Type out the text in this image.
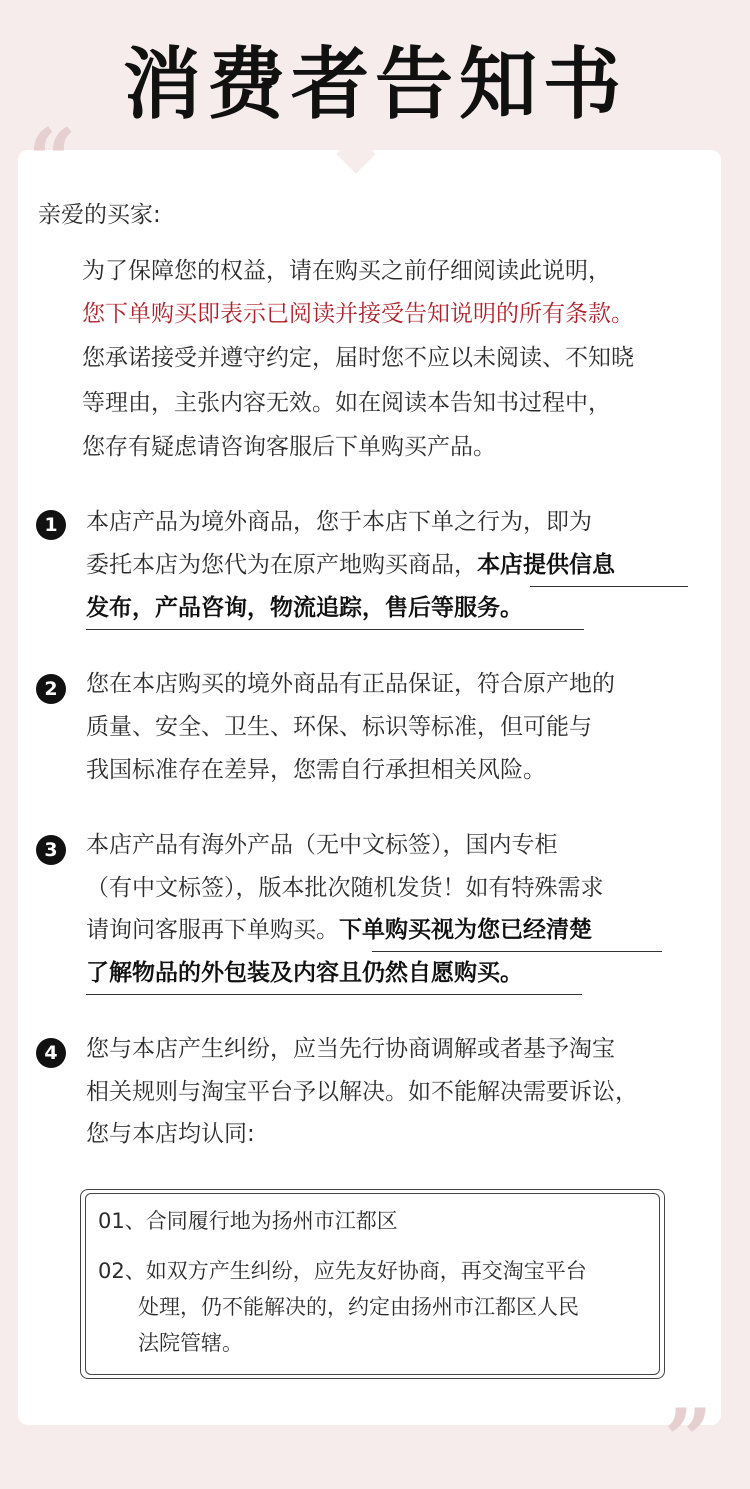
消费者告知书
“
”
亲爱的买家:
为了保障您的权益，请在购买之前仔细阅读此说明，
您下单购买即表示已阅读并接受告知说明的所有条款。
您承诺接受并遵守约定，届时您不应以未阅读、不知晓
等理由，主张内容无效。如在阅读本告知书过程中，
您存有疑虑请咨询客服后下单购买产品。
1	本店产品为境外商品，您于本店下单之行为，即为
委托本店为您代为在原产地购买商品，本店提供信息
发布，产品咨询，物流追踪，售后等服务。
2	您在本店购买的境外商品有正品保证，符合原产地的
质量、安全、卫生、环保、标识等标准，但可能与
我国标准存在差异，您需自行承担相关风险。
3	本店产品有海外产品（无中文标签），国内专柜
（有中文标签），版本批次随机发货！如有特殊需求
请询问客服再下单购买。下单购买视为您已经清楚
了解物品的外包装及内容且仍然自愿购买。
4	您与本店产生纠纷，应当先行协商调解或者基予淘宝
相关规则与淘宝平台予以解决。如不能解决需要诉讼，
您与本店均认同:
01、合同履行地为扬州市江都区
02、如双方产生纠纷，应先友好协商，再交淘宝平台
处理，仍不能解决的，约定由扬州市江都区人民
法院管辖。
